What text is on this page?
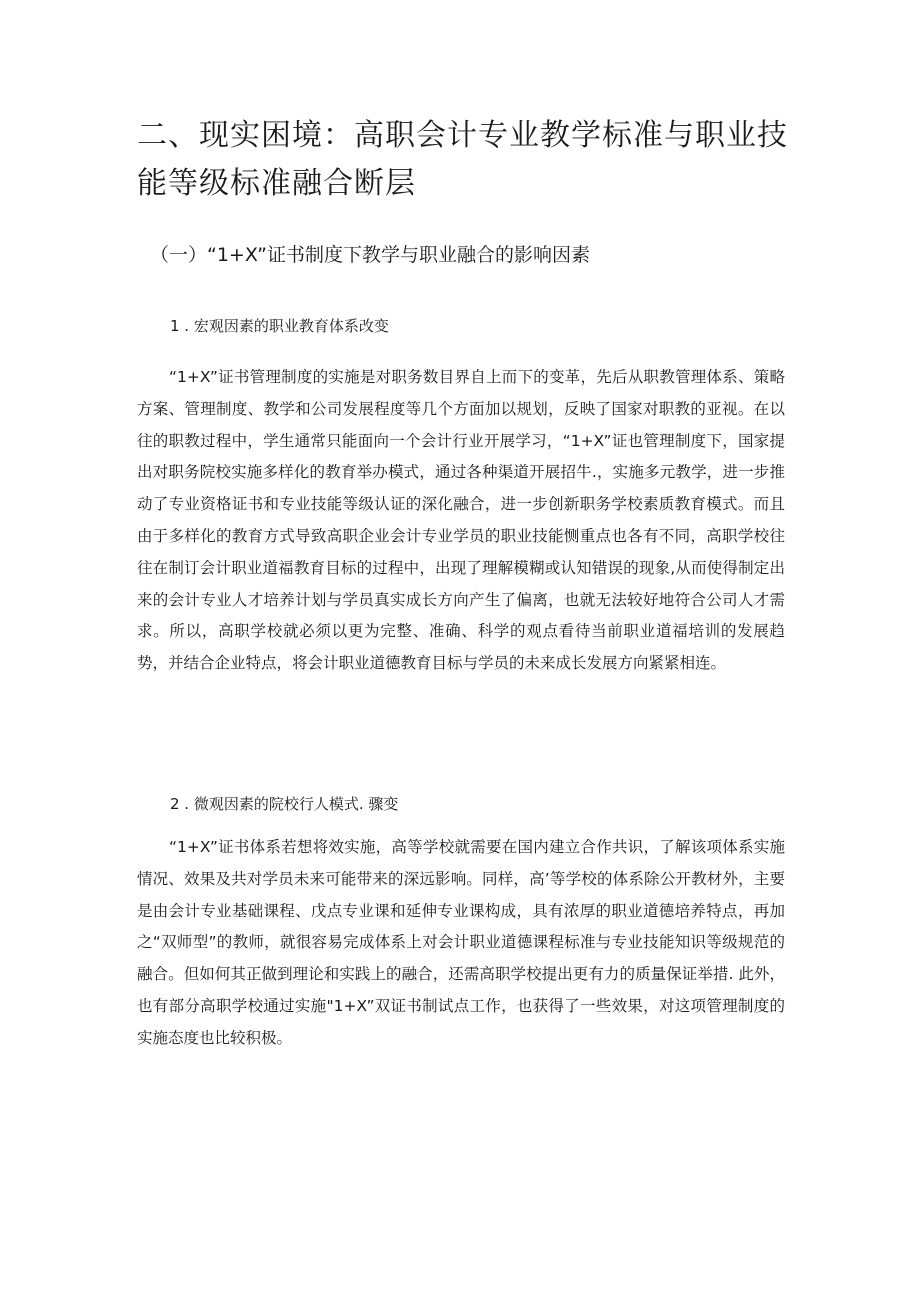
二、现实困境：高职会计专业教学标准与职业技能等级标准融合断层
（一）“1+X”证书制度下教学与职业融合的影响因素

1 . 宏观因素的职业教育体系改变

“1+X”证书管理制度的实施是对职务数目界自上而下的变革，先后从职教管理体系、策略方案、管理制度、教学和公司发展程度等几个方面加以规划，反映了国家对职教的亚视。在以往的职教过程中，学生通常只能面向一个会计行业开展学习，“1+X”证也管理制度下，国家提出对职务院校实施多样化的教育举办模式，通过各种渠道开展招牛.，实施多元教学，进一步推动了专业资格证书和专业技能等级认证的深化融合，进一步创新职务学校素质教育模式。而且由于多样化的教育方式导致高职企业会计专业学员的职业技能恻重点也各有不同，高职学校往往在制订会计职业道福教育目标的过程中，出现了理解模糊或认知错误的现象,从而使得制定出来的会计专业人才培养计划与学员真实成长方向产生了偏离，也就无法较好地符合公司人才需求。所以，高职学校就必须以更为完整、准确、科学的观点看待当前职业道福培训的发展趋势，并结合企业特点，将会计职业道德教育目标与学员的未来成长发展方向紧紧相连。

2 . 微观因素的院校行人模式. 骤变

“1+X”证书体系若想将效实施，高等学校就需要在国内建立合作共识，了解该项体系实施情况、效果及共对学员未来可能带来的深远影响。同样，高’等学校的体系除公开教材外，主要是由会计专业基础课程、戊点专业课和延伸专业课构成，具有浓厚的职业道德培养特点，再加之“双师型”的教师，就很容易完成体系上对会计职业道德课程标准与专业技能知识等级规范的融合。但如何其正做到理论和实践上的融合，还需高职学校提出更有力的质量保证举措. 此外，也有部分高职学校通过实施"1+X”双证书制试点工作，也获得了一些效果，对这项管理制度的实施态度也比较积极。
